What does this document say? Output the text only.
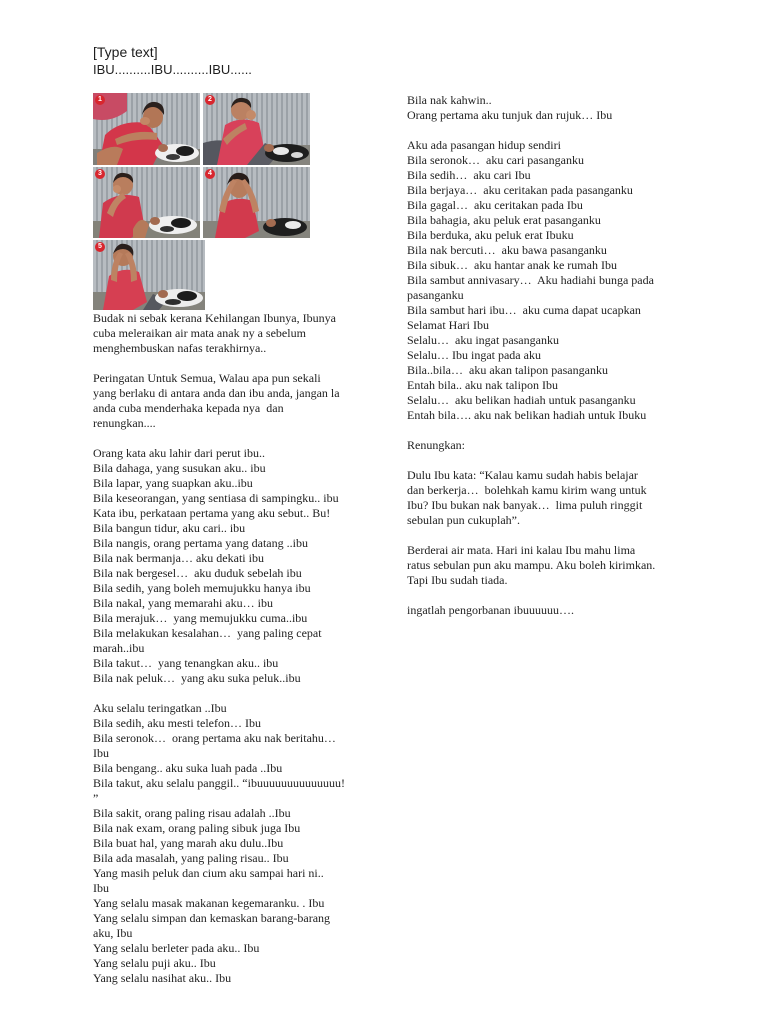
[Type text]
IBU..........IBU..........IBU......
1	2
3	4
5
Budak ni sebak kerana Kehilangan Ibunya, Ibunya
cuba meleraikan air mata anak ny a sebelum
menghembuskan nafas terakhirnya..
Peringatan Untuk Semua, Walau apa pun sekali
yang berlaku di antara anda dan ibu anda, jangan la
anda cuba menderhaka kepada nya  dan
renungkan....
Orang kata aku lahir dari perut ibu..
Bila dahaga, yang susukan aku.. ibu
Bila lapar, yang suapkan aku..ibu
Bila keseorangan, yang sentiasa di sampingku.. ibu
Kata ibu, perkataan pertama yang aku sebut.. Bu!
Bila bangun tidur, aku cari.. ibu
Bila nangis, orang pertama yang datang ..ibu
Bila nak bermanja… aku dekati ibu
Bila nak bergesel…  aku duduk sebelah ibu
Bila sedih, yang boleh memujukku hanya ibu
Bila nakal, yang memarahi aku… ibu
Bila merajuk…  yang memujukku cuma..ibu
Bila melakukan kesalahan…  yang paling cepat
marah..ibu
Bila takut…  yang tenangkan aku.. ibu
Bila nak peluk…  yang aku suka peluk..ibu
Aku selalu teringatkan ..Ibu
Bila sedih, aku mesti telefon… Ibu
Bila seronok…  orang pertama aku nak beritahu…
Ibu
Bila bengang.. aku suka luah pada ..Ibu
Bila takut, aku selalu panggil.. “ibuuuuuuuuuuuuuu!
”
Bila sakit, orang paling risau adalah ..Ibu
Bila nak exam, orang paling sibuk juga Ibu
Bila buat hal, yang marah aku dulu..Ibu
Bila ada masalah, yang paling risau.. Ibu
Yang masih peluk dan cium aku sampai hari ni..
Ibu
Yang selalu masak makanan kegemaranku. . Ibu
Yang selalu simpan dan kemaskan barang-barang
aku, Ibu
Yang selalu berleter pada aku.. Ibu
Yang selalu puji aku.. Ibu
Yang selalu nasihat aku.. Ibu
Bila nak kahwin..
Orang pertama aku tunjuk dan rujuk… Ibu
Aku ada pasangan hidup sendiri
Bila seronok…  aku cari pasanganku
Bila sedih…  aku cari Ibu
Bila berjaya…  aku ceritakan pada pasanganku
Bila gagal…  aku ceritakan pada Ibu
Bila bahagia, aku peluk erat pasanganku
Bila berduka, aku peluk erat Ibuku
Bila nak bercuti…  aku bawa pasanganku
Bila sibuk…  aku hantar anak ke rumah Ibu
Bila sambut annivasary…  Aku hadiahi bunga pada
pasanganku
Bila sambut hari ibu…  aku cuma dapat ucapkan
Selamat Hari Ibu
Selalu…  aku ingat pasanganku
Selalu… Ibu ingat pada aku
Bila..bila…  aku akan talipon pasanganku
Entah bila.. aku nak talipon Ibu
Selalu…  aku belikan hadiah untuk pasanganku
Entah bila…. aku nak belikan hadiah untuk Ibuku
Renungkan:
Dulu Ibu kata: “Kalau kamu sudah habis belajar
dan berkerja…  bolehkah kamu kirim wang untuk
Ibu? Ibu bukan nak banyak…  lima puluh ringgit
sebulan pun cukuplah”.
Berderai air mata. Hari ini kalau Ibu mahu lima
ratus sebulan pun aku mampu. Aku boleh kirimkan.
Tapi Ibu sudah tiada.
ingatlah pengorbanan ibuuuuuu….
